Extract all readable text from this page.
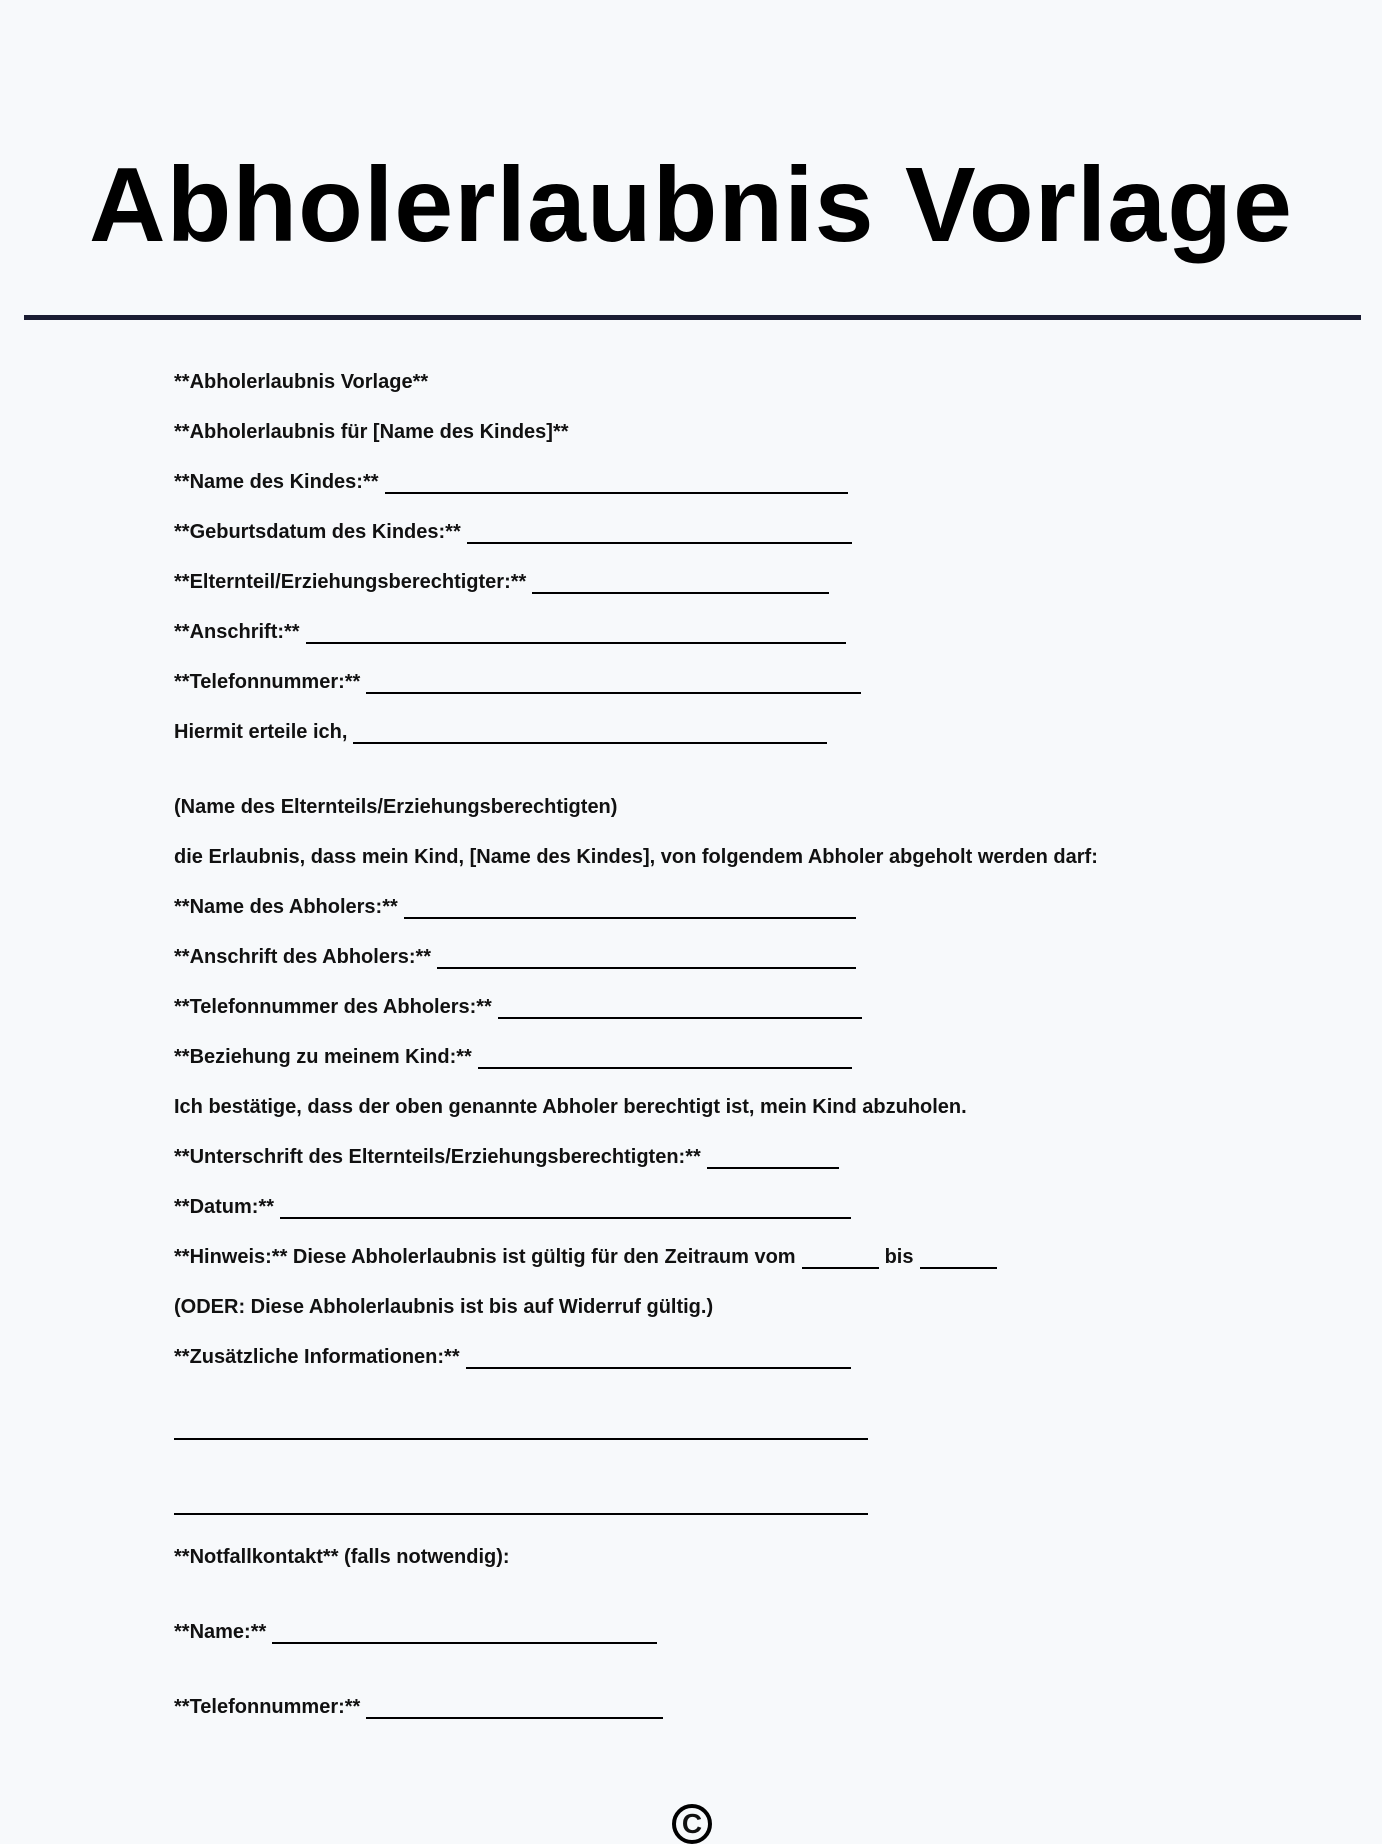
Abholerlaubnis Vorlage
**Abholerlaubnis Vorlage**
**Abholerlaubnis für [Name des Kindes]**
**Name des Kindes:**
**Geburtsdatum des Kindes:**
**Elternteil/Erziehungsberechtigter:**
**Anschrift:**
**Telefonnummer:**
Hiermit erteile ich,
(Name des Elternteils/Erziehungsberechtigten)
die Erlaubnis, dass mein Kind, [Name des Kindes], von folgendem Abholer abgeholt werden darf:
**Name des Abholers:**
**Anschrift des Abholers:**
**Telefonnummer des Abholers:**
**Beziehung zu meinem Kind:**
Ich bestätige, dass der oben genannte Abholer berechtigt ist, mein Kind abzuholen.
**Unterschrift des Elternteils/Erziehungsberechtigten:**
**Datum:**
**Hinweis:** Diese Abholerlaubnis ist gültig für den Zeitraum vom	bis
(ODER: Diese Abholerlaubnis ist bis auf Widerruf gültig.)
**Zusätzliche Informationen:**
**Notfallkontakt** (falls notwendig):
**Name:**
**Telefonnummer:**
C
